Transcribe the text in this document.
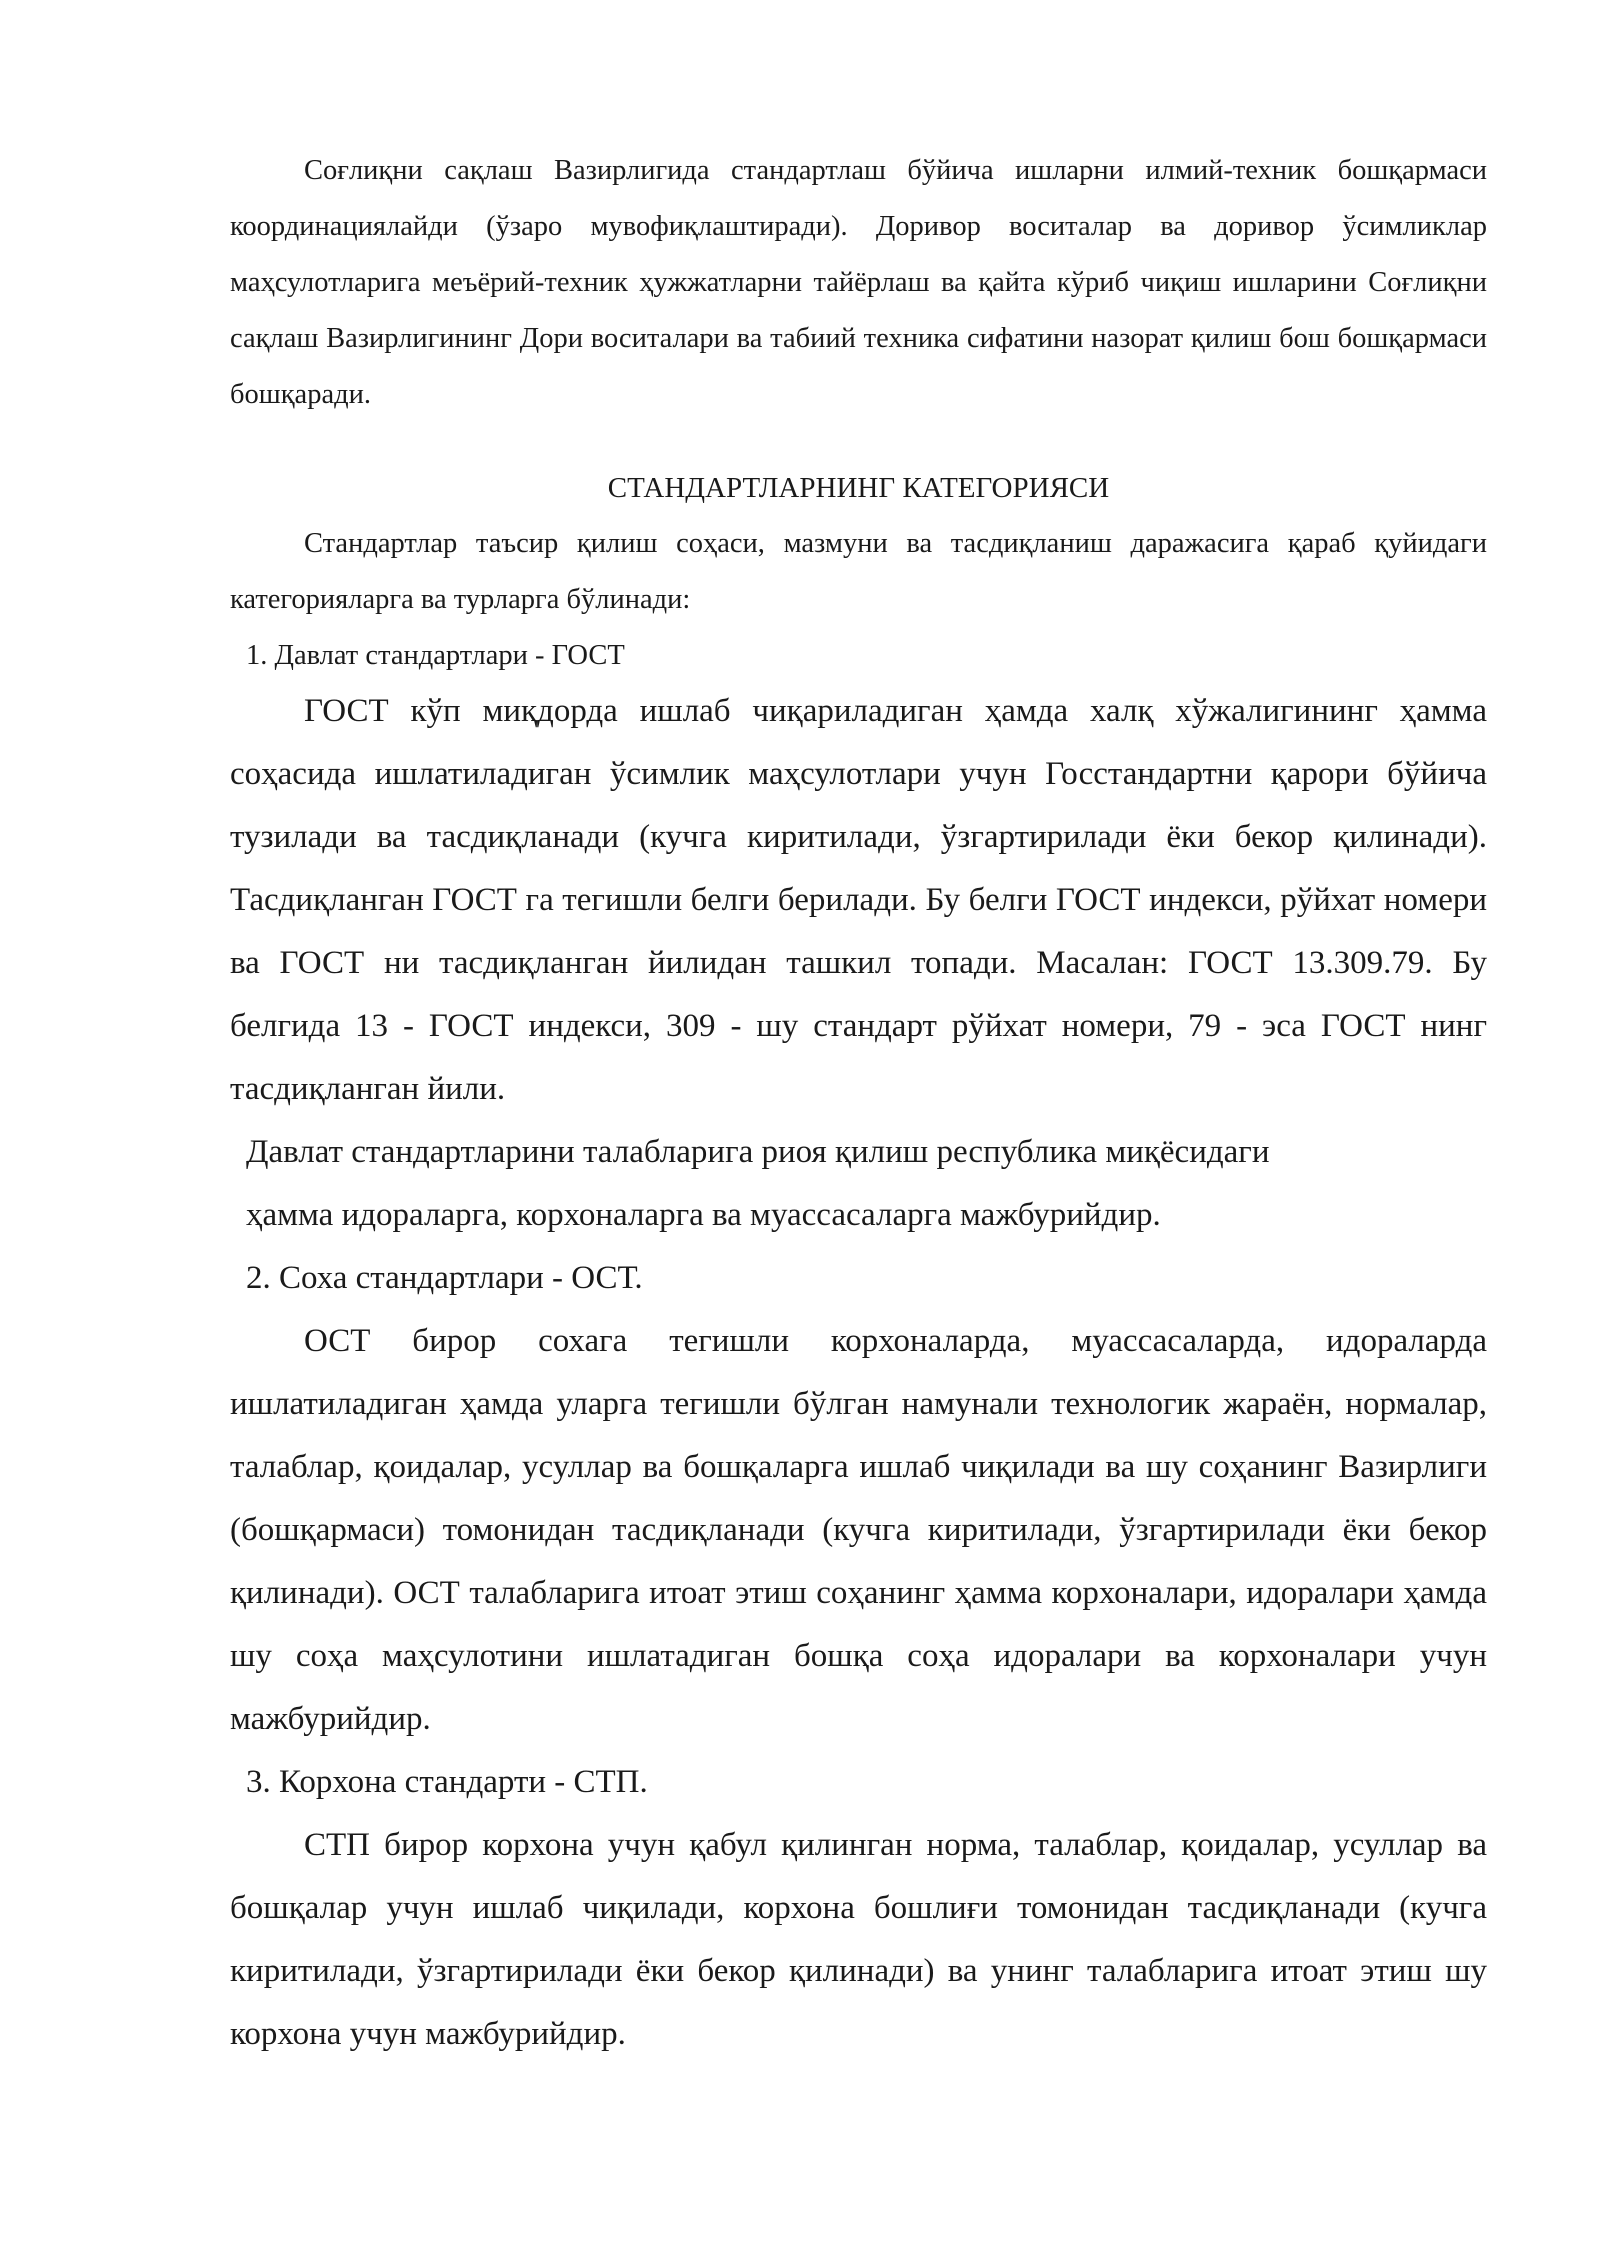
Соғлиқни сақлаш Вазирлигида стандартлаш бўйича ишларни илмий-техник бошқармаси координациялайди (ўзаро мувофиқлаштиради). Доривор воситалар ва доривор ўсимликлар маҳсулотларига меъёрий-техник ҳужжатларни тайёрлаш ва қайта кўриб чиқиш ишларини Соғлиқни сақлаш Вазирлигининг Дори воситалари ва табиий техника сифатини назорат қилиш бош бошқармаси бошқаради.

СТАНДАРТЛАРНИНГ КАТЕГОРИЯСИ

Стандартлар таъсир қилиш соҳаси, мазмуни ва тасдиқланиш даражасига қараб қуйидаги категорияларга ва турларга бўлинади:

1. Давлат стандартлари - ГОСТ

ГОСТ кўп миқдорда ишлаб чиқариладиган ҳамда халқ хўжалигининг ҳамма соҳасида ишлатиладиган ўсимлик маҳсулотлари учун Госстандартни қарори бўйича тузилади ва тасдиқланади (кучга киритилади, ўзгартирилади ёки бекор қилинади). Тасдиқланган ГОСТ га тегишли белги берилади. Бу белги ГОСТ индекси, рўйхат номери ва ГОСТ ни тасдиқланган йилидан ташкил топади. Масалан: ГОСТ 13.309.79. Бу белгида 13 - ГОСТ индекси, 309 - шу стандарт рўйхат номери, 79 - эса ГОСТ нинг тасдиқланган йили.

Давлат стандартларини талабларига риоя қилиш республика миқёсидаги

ҳамма идораларга, корхоналарга ва муассасаларга мажбурийдир.

2. Соха стандартлари - ОСТ.

ОСТ бирор сохага тегишли корхоналарда, муассасаларда, идораларда ишлатиладиган ҳамда уларга тегишли бўлган намунали технологик жараён, нормалар, талаблар, қоидалар, усуллар ва бошқаларга ишлаб чиқилади ва шу соҳанинг Вазирлиги (бошқармаси) томонидан тасдиқланади (кучга киритилади, ўзгартирилади ёки бекор қилинади). ОСТ талабларига итоат этиш соҳанинг ҳамма корхоналари, идоралари ҳамда шу соҳа маҳсулотини ишлатадиган бошқа соҳа идоралари ва корхоналари учун мажбурийдир.

3. Корхона стандарти - СТП.

СТП бирор корхона учун қабул қилинган норма, талаблар, қоидалар, усуллар ва бошқалар учун ишлаб чиқилади, корхона бошлиғи томонидан тасдиқланади (кучга киритилади, ўзгартирилади ёки бекор қилинади) ва унинг талабларига итоат этиш шу корхона учун мажбурийдир.
